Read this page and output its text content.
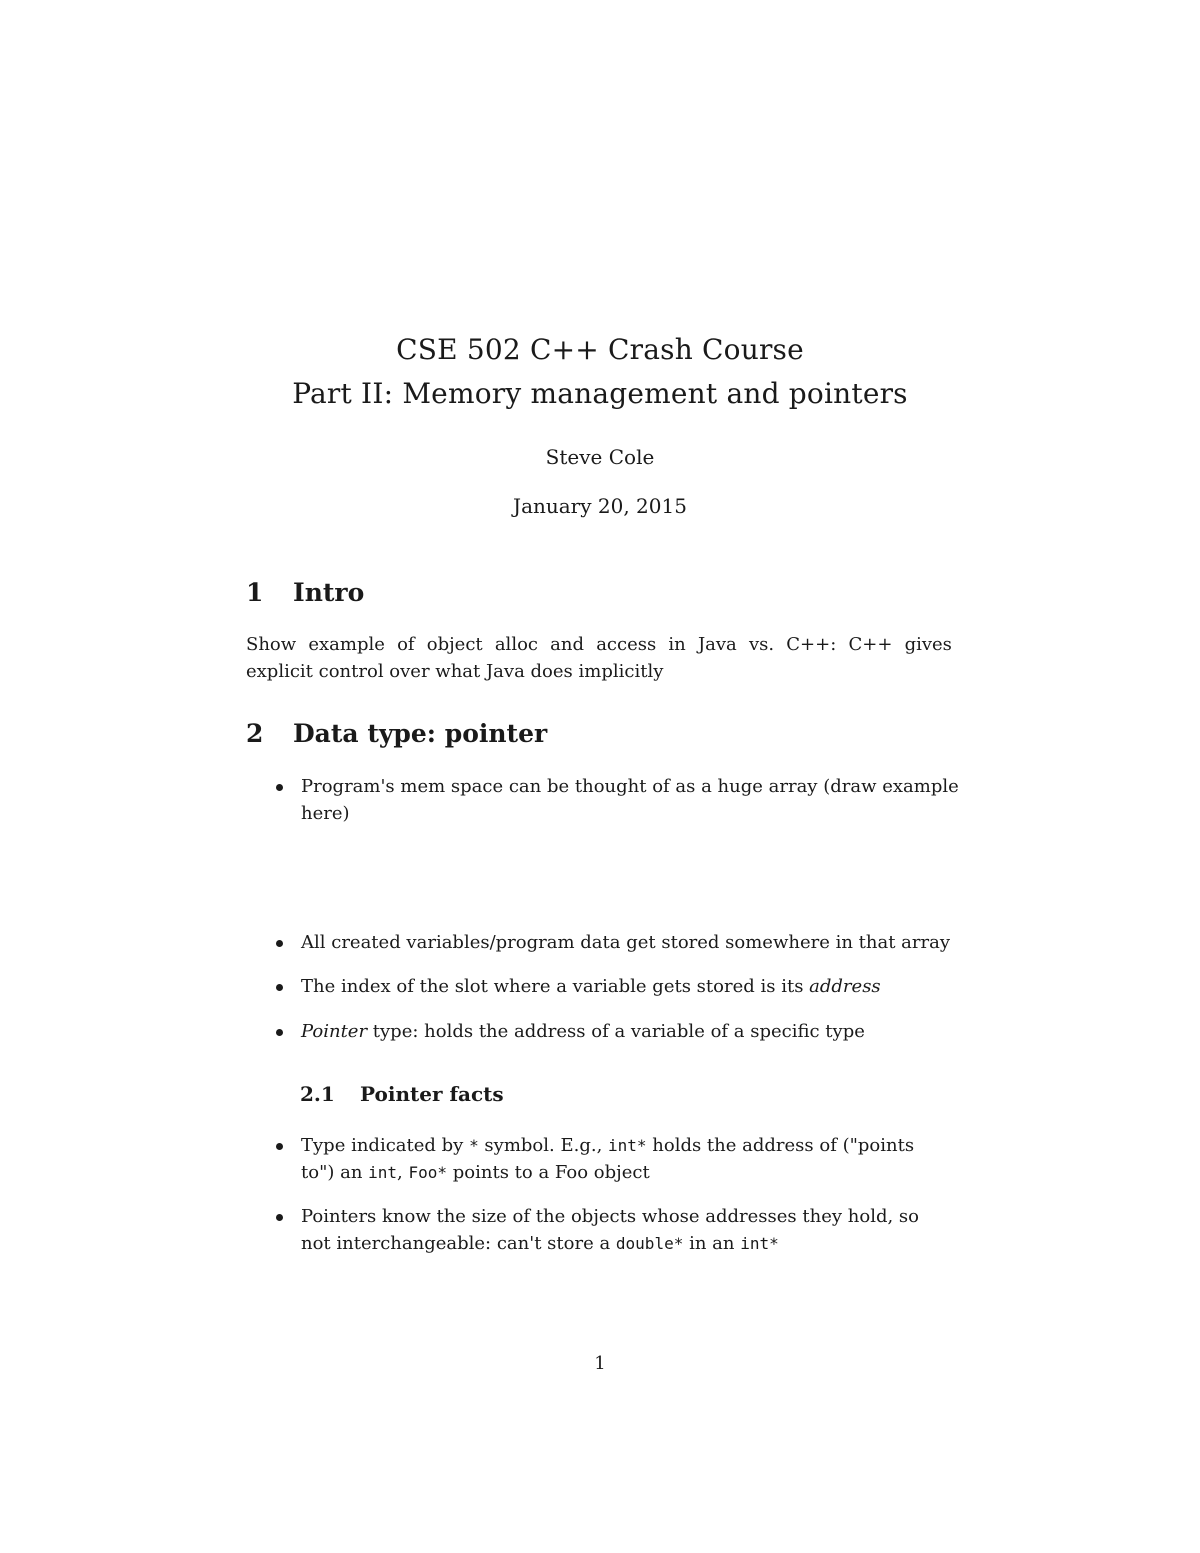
CSE 502 C++ Crash Course
Part II: Memory management and pointers
Steve Cole
January 20, 2015
1 Intro
Show example of object alloc and access in Java vs. C++: C++ gives
explicit control over what Java does implicitly
2 Data type: pointer
Program's mem space can be thought of as a huge array (draw example
here)
All created variables/program data get stored somewhere in that array
The index of the slot where a variable gets stored is its address
Pointer type: holds the address of a variable of a specific type
2.1 Pointer facts
Type indicated by * symbol. E.g., int* holds the address of ("points
to") an int, Foo* points to a Foo object
Pointers know the size of the objects whose addresses they hold, so
not interchangeable: can't store a double* in an int*
1
